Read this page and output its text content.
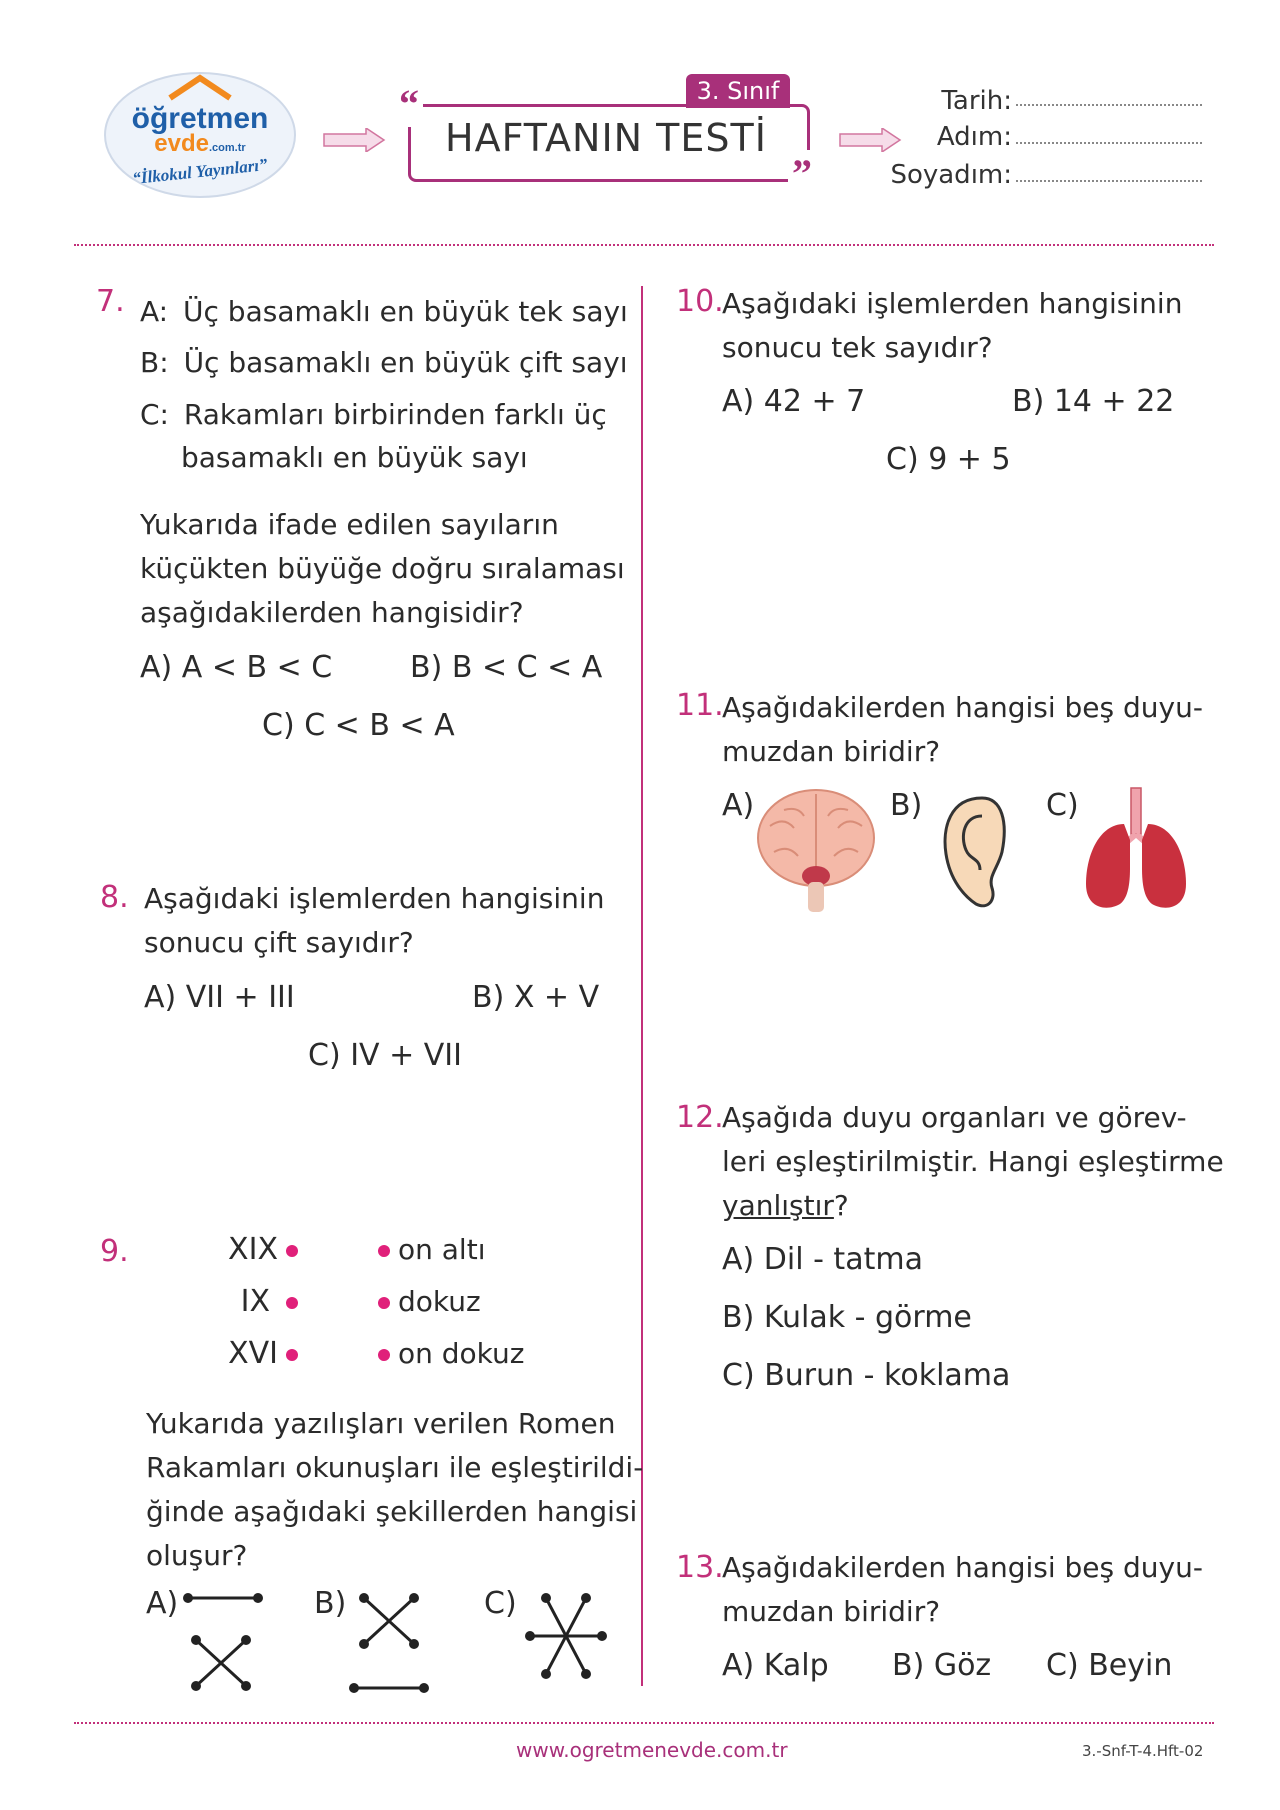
öğretmen
evde.com.tr
“İlkokul Yayınları”
“
”
3. Sınıf
HAFTANIN TESTİ
Tarih:
Adım:
Soyadım:
7. A: Üç basamaklı en büyük tek sayı
B: Üç basamaklı en büyük çift sayı
C: Rakamları birbirinden farklı üç
basamaklı en büyük sayı
Yukarıda ifade edilen sayıların
küçükten büyüğe doğru sıralaması
aşağıdakilerden hangisidir?
A) A < B < C	B) B < C < A
C) C < B < A
8. Aşağıdaki işlemlerden hangisinin
sonucu çift sayıdır?
A) VII + III	B) X + V
C) IV + VII
9.	XIX
IX
XVI
on altı
dokuz
on dokuz
Yukarıda yazılışları verilen Romen
Rakamları okunuşları ile eşleştirildi-
ğinde aşağıdaki şekillerden hangisi
oluşur?
A)	B)	C)
10.
Aşağıdaki işlemlerden hangisinin
sonucu tek sayıdır?
A) 42 + 7	B) 14 + 22
C) 9 + 5
11.
Aşağıdakilerden hangisi beş duyu-
muzdan biridir?
A)	B)	C)
12.
Aşağıda duyu organları ve görev-
leri eşleştirilmiştir. Hangi eşleştirme
yanlıştır?
A) Dil - tatma
B) Kulak - görme
C) Burun - koklama
13.
Aşağıdakilerden hangisi beş duyu-
muzdan biridir?
A) Kalp B) Göz C) Beyin
www.ogretmenevde.com.tr	3.-Snf-T-4.Hft-02
